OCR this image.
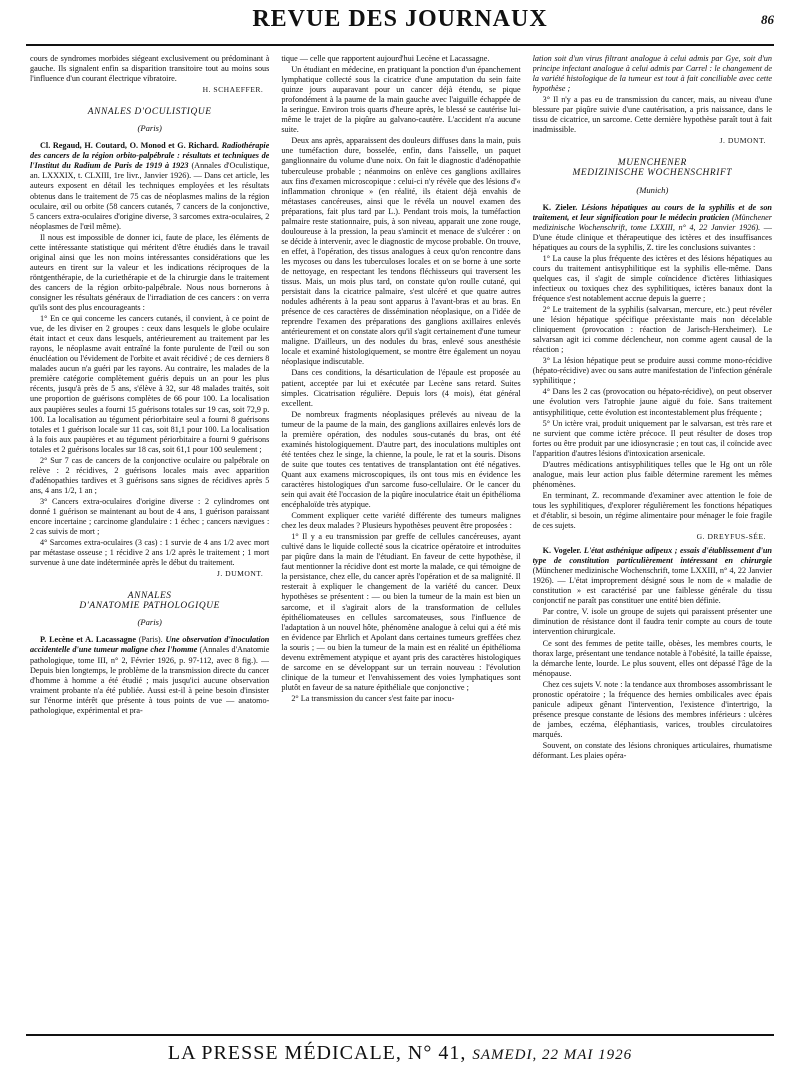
REVUE DES JOURNAUX	86

cours de syndromes morbides siégeant exclusivement ou prédominant à gauche. Ils signalent enfin sa disparition transitoire tout au moins sous l'influence d'un courant électrique vibratoire.

H. SCHAEFFER.
ANNALES D'OCULISTIQUE
(Paris)

Cl. Regaud, H. Coutard, O. Monod et G. Richard. Radiothérapie des cancers de la région orbito-palpébrale : résultats et techniques de l'Institut du Radium de Paris de 1919 à 1923 (Annales d'Oculistique, an. LXXXIX, t. CLXIII, 1re livr., Janvier 1926). — Dans cet article, les auteurs exposent en détail les techniques employées et les résultats obtenus dans le traitement de 75 cas de néoplasmes malins de la région oculaire, œil ou orbite (58 cancers cutanés, 7 cancers de la conjonctive, 5 cancers extra-oculaires d'origine diverse, 3 sarcomes extra-oculaires, 2 néoplasmes de l'œil même).

Il nous est impossible de donner ici, faute de place, les éléments de cette intéressante statistique qui méritent d'être étudiés dans le travail original ainsi que les non moins intéressantes considérations que les auteurs en tirent sur la valeur et les indications réciproques de la röntgenthérapie, de la curiethérapie et de la chirurgie dans le traitement des cancers de la région orbito-palpébrale. Nous nous bornerons à consigner les résultats généraux de l'irradiation de ces cancers : on verra qu'ils sont des plus encourageants :

1° En ce qui concerne les cancers cutanés, il convient, à ce point de vue, de les diviser en 2 groupes : ceux dans lesquels le globe oculaire était intact et ceux dans lesquels, antérieurement au traitement par les rayons, le néoplasme avait entraîné la fonte purulente de l'œil ou son énucléation ou l'évidement de l'orbite et avait récidivé ; de ces derniers 8 malades aucun n'a guéri par les rayons. Au contraire, les malades de la première catégorie complètement guéris depuis un an pour les plus récents, jusqu'à près de 5 ans, s'élève à 32, sur 48 malades traités, soit une proportion de guérisons complètes de 66 pour 100. La localisation aux paupières seules a fourni 15 guérisons totales sur 19 cas, soit 72,9 p. 100. La localisation au tégument périorbitaire seul a fourni 8 guérisons totales et 1 guérison locale sur 11 cas, soit 81,1 pour 100. La localisation à la fois aux paupières et au tégument périorbitaire a fourni 9 guérisons totales et 2 guérisons locales sur 18 cas, soit 61,1 pour 100 seulement ;

2° Sur 7 cas de cancers de la conjonctive oculaire ou palpébrale on relève : 2 récidives, 2 guérisons locales mais avec apparition d'adénopathies tardives et 3 guérisons sans signes de récidives après 5 ans, 4 ans 1/2, 1 an ;

3° Cancers extra-oculaires d'origine diverse : 2 cylindromes ont donné 1 guérison se maintenant au bout de 4 ans, 1 guérison paraissant encore incertaine ; carcinome glandulaire : 1 échec ; cancers nævigues : 2 cas suivis de mort ;

4° Sarcomes extra-oculaires (3 cas) : 1 survie de 4 ans 1/2 avec mort par métastase osseuse ; 1 récidive 2 ans 1/2 après le traitement ; 1 mort survenue à une date indéterminée après le début du traitement.

J. DUMONT.
ANNALES
D'ANATOMIE PATHOLOGIQUE
(Paris)

P. Lecène et A. Lacassagne (Paris). Une observation d'inoculation accidentelle d'une tumeur maligne chez l'homme (Annales d'Anatomie pathologique, tome III, n° 2, Février 1926, p. 97-112, avec 8 fig.). — Depuis bien longtemps, le problème de la transmission directe du cancer d'homme à homme a été étudié ; mais jusqu'ici aucune observation vraiment probante n'a été publiée. Aussi est-il à peine besoin d'insister sur l'énorme intérêt que présente à tous points de vue — anatomo-pathologique, expérimental et pra-

tique — celle que rapportent aujourd'hui Lecène et Lacassagne.

Un étudiant en médecine, en pratiquant la ponction d'un épanchement lymphatique collecté sous la cicatrice d'une amputation du sein faite quinze jours auparavant pour un cancer déjà étendu, se pique profondément à la paume de la main gauche avec l'aiguille échappée de la seringue. Environ trois quarts d'heure après, le blessé se cautérise lui-même le trajet de la piqûre au galvano-cautère. L'accident n'a aucune suite.

Deux ans après, apparaissent des douleurs diffuses dans la main, puis une tuméfaction dure, bosselée, enfin, dans l'aisselle, un paquet ganglionnaire du volume d'une noix. On fait le diagnostic d'adénopathie tuberculeuse probable ; néanmoins on enlève ces ganglions axillaires aux fins d'examen microscopique : celui-ci n'y révèle que des lésions d'« inflammation chronique » (en réalité, ils étaient déjà envahis de métastases cancéreuses, ainsi que le révéla un nouvel examen des préparations, fait plus tard par L.). Pendant trois mois, la tuméfaction palmaire reste stationnaire, puis, à son niveau, apparait une zone rouge, douloureuse à la pression, la peau s'amincit et menace de s'ulcérer : on se décide à intervenir, avec le diagnostic de mycose probable. On trouve, en effet, à l'opération, des tissus analogues à ceux qu'on rencontre dans les mycoses ou dans les tuberculoses locales et on se borne à une sorte de nettoyage, en respectant les tendons fléchisseurs qui traversent les tissus. Mais, un mois plus tard, on constate qu'on roulle cutané, qui persistait dans la cicatrice palmaire, s'est ulcéré et que quatre autres nodules adhérents à la peau sont apparus à l'avant-bras et au bras. En présence de ces caractères de dissémination néoplasique, on a l'idée de reprendre l'examen des préparations des ganglions axillaires enlevés antérieurement et on constate alors qu'il s'agit certainement d'une tumeur maligne. D'ailleurs, un des nodules du bras, enlevé sous anesthésie locale et examiné histologiquement, se montre être également un noyau néoplasique indiscutable.

Dans ces conditions, la désarticulation de l'épaule est proposée au patient, acceptée par lui et exécutée par Lecène sans retard. Suites simples. Cicatrisation régulière. Depuis lors (4 mois), état général excellent.

De nombreux fragments néoplasiques prélevés au niveau de la tumeur de la paume de la main, des ganglions axillaires enlevés lors de la première opération, des nodules sous-cutanés du bras, ont été examinés histologiquement. D'autre part, des inoculations multiples ont été tentées chez le singe, la chienne, la poule, le rat et la souris. Disons de suite que toutes ces tentatives de transplantation ont été négatives. Quant aux examens microscopiques, ils ont tous mis en évidence les caractères histologiques d'un sarcome fuso-cellulaire. Or le cancer du sein qui avait été l'occasion de la piqûre inoculatrice était un épithélioma encéphaloïde très atypique.

Comment expliquer cette variété différente des tumeurs malignes chez les deux malades ? Plusieurs hypothèses peuvent être proposées :

1° Il y a eu transmission par greffe de cellules cancéreuses, ayant cultivé dans le liquide collecté sous la cicatrice opératoire et introduites par piqûre dans la main de l'étudiant. En faveur de cette hypothèse, il faut mentionner la récidive dont est morte la malade, ce qui témoigne de la persistance, chez elle, du cancer après l'opération et de sa malignité. Il resterait à expliquer le changement de la variété du cancer. Deux hypothèses se présentent : — ou bien la tumeur de la main est bien un sarcome, et il s'agirait alors de la transformation de cellules épithéliomateuses en cellules sarcomateuses, sous l'influence de l'adaptation à un nouvel hôte, phénomène analogue à celui qui a été mis en évidence par Ehrlich et Apolant dans certaines tumeurs greffées chez la souris ; — ou bien la tumeur de la main est en réalité un épithélioma devenu extrêmement atypique et ayant pris des caractères histologiques de sarcome en se développant sur un terrain nouveau : l'évolution clinique de la tumeur et l'envahissement des voies lymphatiques sont plutôt en faveur de sa nature épithéliale que conjonctive ;

2° La transmission du cancer s'est faite par inocu-

lation soit d'un virus filtrant analogue à celui admis par Gye, soit d'un principe infectant analogue à celui admis par Carrel : le changement de la variété histologique de la tumeur est tout à fait conciliable avec cette hypothèse ;

3° Il n'y a pas eu de transmission du cancer, mais, au niveau d'une blessure par piqûre suivie d'une cautérisation, a pris naissance, dans le tissu de cicatrice, un sarcome. Cette dernière hypothèse paraît tout à fait inadmissible.

J. DUMONT.
MUENCHENER
MEDIZINISCHE WOCHENSCHRIFT
(Munich)

K. Zieler. Lésions hépatiques au cours de la syphilis et de son traitement, et leur signification pour le médecin praticien (Münchener medizinische Wochenschrift, tome LXXIII, n° 4, 22 Janvier 1926). — D'une étude clinique et thérapeutique des ictères et des insuffisances hépatiques au cours de la syphilis, Z. tire les conclusions suivantes :

1° La cause la plus fréquente des ictères et des lésions hépatiques au cours du traitement antisyphilitique est la syphilis elle-même. Dans quelques cas, il s'agit de simple coïncidence d'ictères lithiasiques infectieux ou toxiques chez des syphilitiques, ictères banaux dont la fréquence s'est notablement accrue depuis la guerre ;

2° Le traitement de la syphilis (salvarsan, mercure, etc.) peut révéler une lésion hépatique spécifique préexistante mais non décelable cliniquement (provocation : réaction de Jarisch-Herxheimer). Le salvarsan agit ici comme déclencheur, non comme agent causal de la réaction ;

3° La lésion hépatique peut se produire aussi comme mono-récidive (hépato-récidive) avec ou sans autre manifestation de l'infection générale syphilitique ;

4° Dans les 2 cas (provocation ou hépato-récidive), on peut observer une évolution vers l'atrophie jaune aiguë du foie. Sans traitement antisyphilitique, cette évolution est incontestablement plus fréquente ;

5° Un ictère vrai, produit uniquement par le salvarsan, est très rare et ne survient que comme ictère précoce. Il peut résulter de doses trop fortes ou être produit par une idiosyncrasie ; en tout cas, il coïncide avec l'apparition d'autres lésions d'intoxication arsenicale.

D'autres médications antisyphilitiques telles que le Hg ont un rôle analogue, mais leur action plus faible détermine rarement les mêmes phénomènes.

En terminant, Z. recommande d'examiner avec attention le foie de tous les syphilitiques, d'explorer régulièrement les fonctions hépatiques et d'établir, si besoin, un régime alimentaire pour ménager le foie fragile de ces sujets.

G. DREYFUS-SÉE.

K. Vogeler. L'état asthénique adipeux ; essais d'établissement d'un type de constitution particulièrement intéressant en chirurgie (Münchener medizinische Wochenschrift, tome LXXIII, n° 4, 22 Janvier 1926). — L'état improprement désigné sous le nom de « maladie de constitution » est caractérisé par une faiblesse générale du tissu conjonctif ne paraît pas constituer une entité bien définie.

Par contre, V. isole un groupe de sujets qui paraissent présenter une diminution de résistance dont il faudra tenir compte au cours de toute intervention chirurgicale.

Ce sont des femmes de petite taille, obèses, les membres courts, le thorax large, présentant une tendance notable à l'obésité, la taille épaisse, la démarche lente, lourde. Le plus souvent, elles ont dépassé l'âge de la ménopause.

Chez ces sujets V. note : la tendance aux thromboses assombrissant le pronostic opératoire ; la fréquence des hernies ombilicales avec épais panicule adipeux gênant l'intervention, l'existence d'intertrigo, la présence presque constante de lésions des membres inférieurs : ulcères de jambes, eczéma, éléphantiasis, varices, troubles circulatoires marqués.

Souvent, on constate des lésions chroniques articulaires, rhumatisme déformant. Les plaies opéra-

LA PRESSE MÉDICALE, N° 41, SAMEDI, 22 MAI 1926
